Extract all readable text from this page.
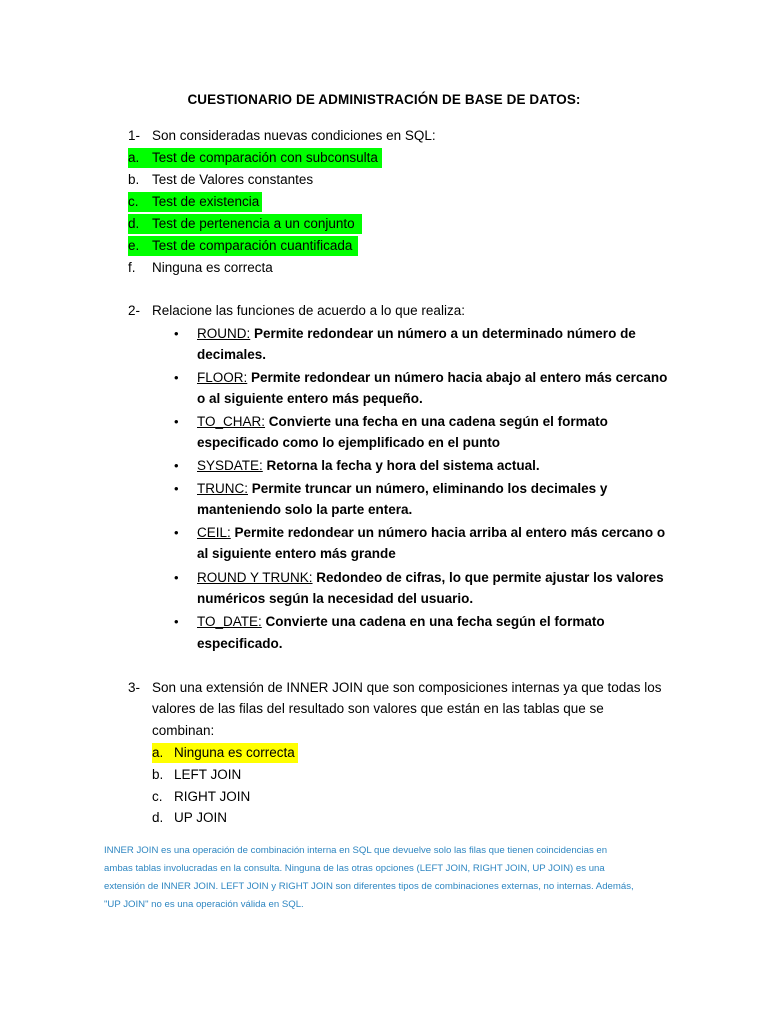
CUESTIONARIO DE ADMINISTRACIÓN DE BASE DE DATOS:
1- Son consideradas nuevas condiciones en SQL:
a. Test de comparación con subconsulta
b. Test de Valores constantes
c. Test de existencia
d. Test de pertenencia a un conjunto
e. Test de comparación cuantificada
f. Ninguna es correcta
2- Relacione las funciones de acuerdo a lo que realiza:
• ROUND: Permite redondear un número a un determinado número de
decimales.
• FLOOR: Permite redondear un número hacia abajo al entero más cercano
o al siguiente entero más pequeño.
• TO_CHAR: Convierte una fecha en una cadena según el formato
especificado como lo ejemplificado en el punto
• SYSDATE: Retorna la fecha y hora del sistema actual.
• TRUNC: Permite truncar un número, eliminando los decimales y
manteniendo solo la parte entera.
• CEIL: Permite redondear un número hacia arriba al entero más cercano o
al siguiente entero más grande
• ROUND Y TRUNK: Redondeo de cifras, lo que permite ajustar los valores
numéricos según la necesidad del usuario.
• TO_DATE: Convierte una cadena en una fecha según el formato
especificado.
3- Son una extensión de INNER JOIN que son composiciones internas ya que todas los
valores de las filas del resultado son valores que están en las tablas que se
combinan:
a. Ninguna es correcta
b. LEFT JOIN
c. RIGHT JOIN
d. UP JOIN
INNER JOIN es una operación de combinación interna en SQL que devuelve solo las filas que tienen coincidencias en
ambas tablas involucradas en la consulta. Ninguna de las otras opciones (LEFT JOIN, RIGHT JOIN, UP JOIN) es una
extensión de INNER JOIN. LEFT JOIN y RIGHT JOIN son diferentes tipos de combinaciones externas, no internas. Además,
"UP JOIN" no es una operación válida en SQL.
